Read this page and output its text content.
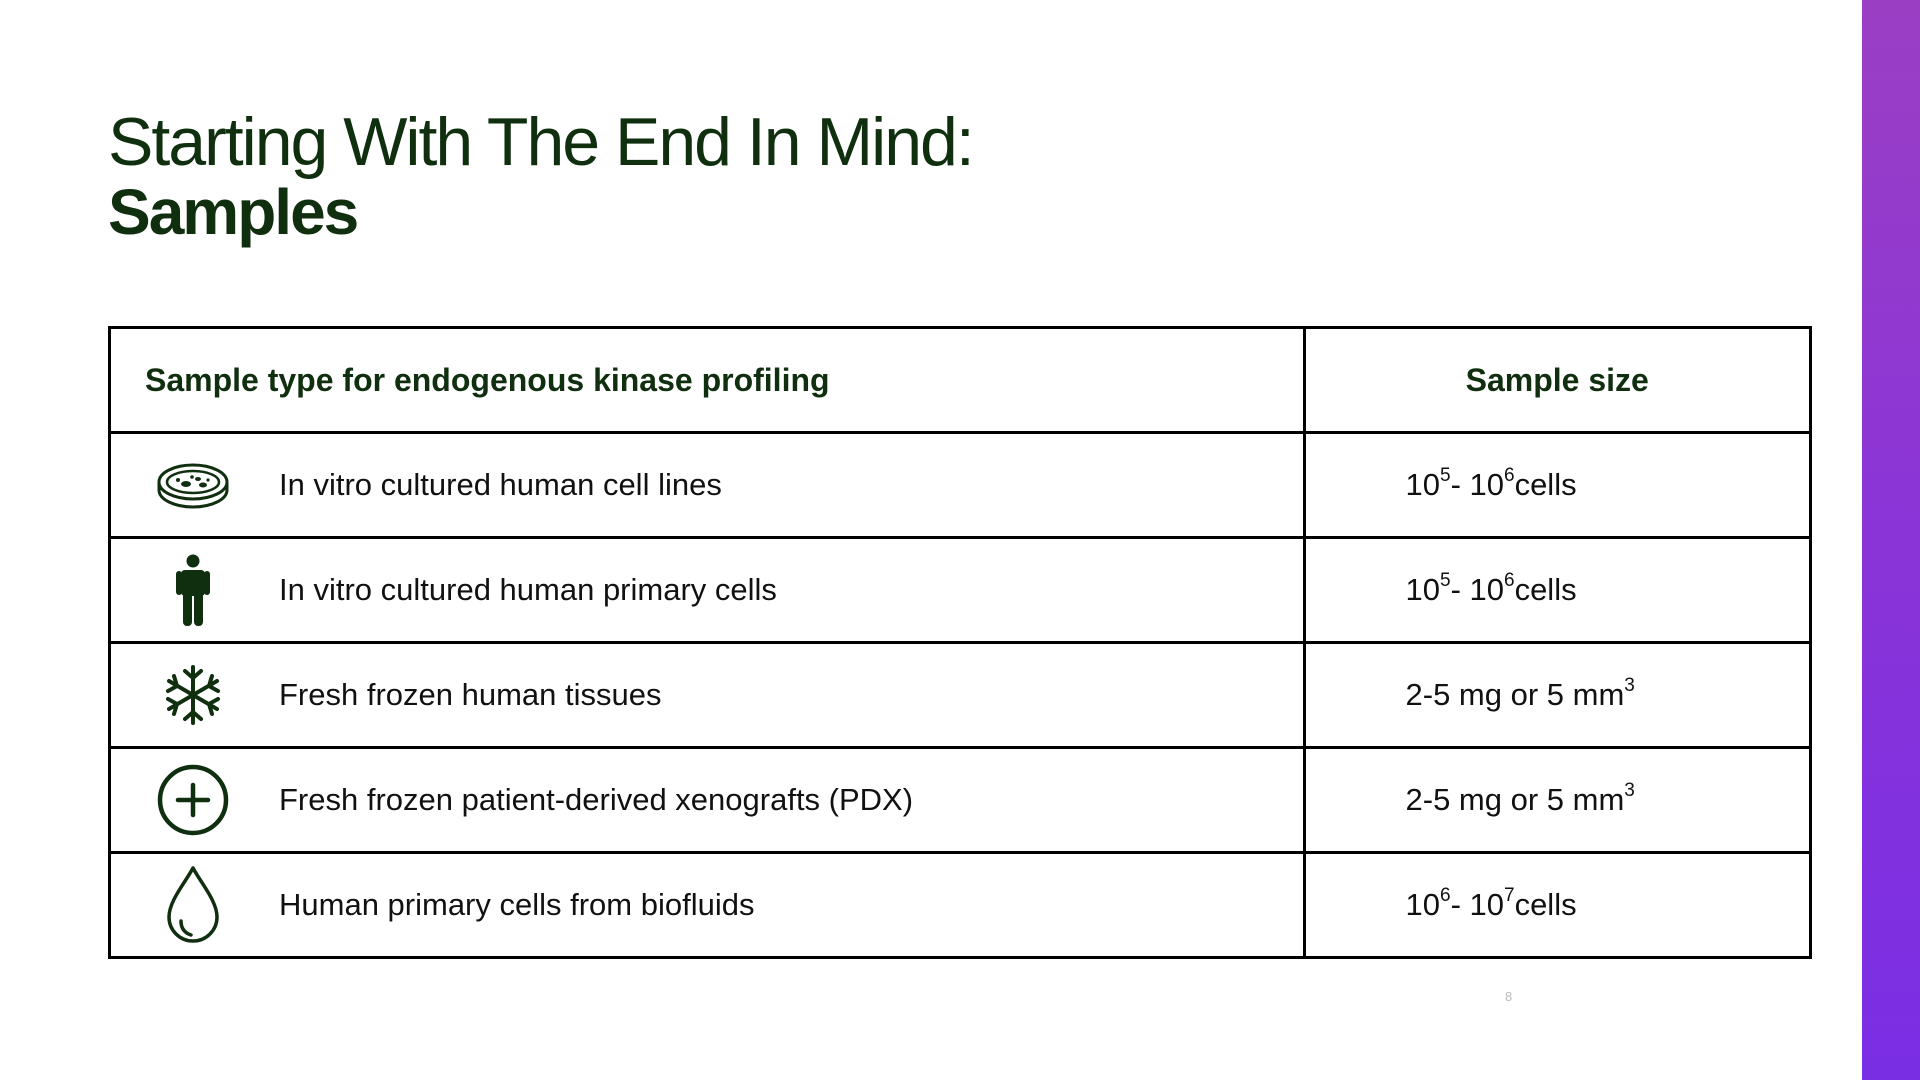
Starting With The End In Mind:
Samples
Sample type for endogenous kinase profiling	Sample size

In vitro cultured human cell lines	$10^5-$ $10^6cells$

In vitro cultured human primary cells	$10^5-$ $10^6cells$

Fresh frozen human tissues	2-5 mg or 5 $mm^3$

Fresh frozen patient-derived xenografts (PDX)	2-5 mg or 5 $mm^3$

Human primary cells from biofluids	$10^6-$ $10^7cells$
8
